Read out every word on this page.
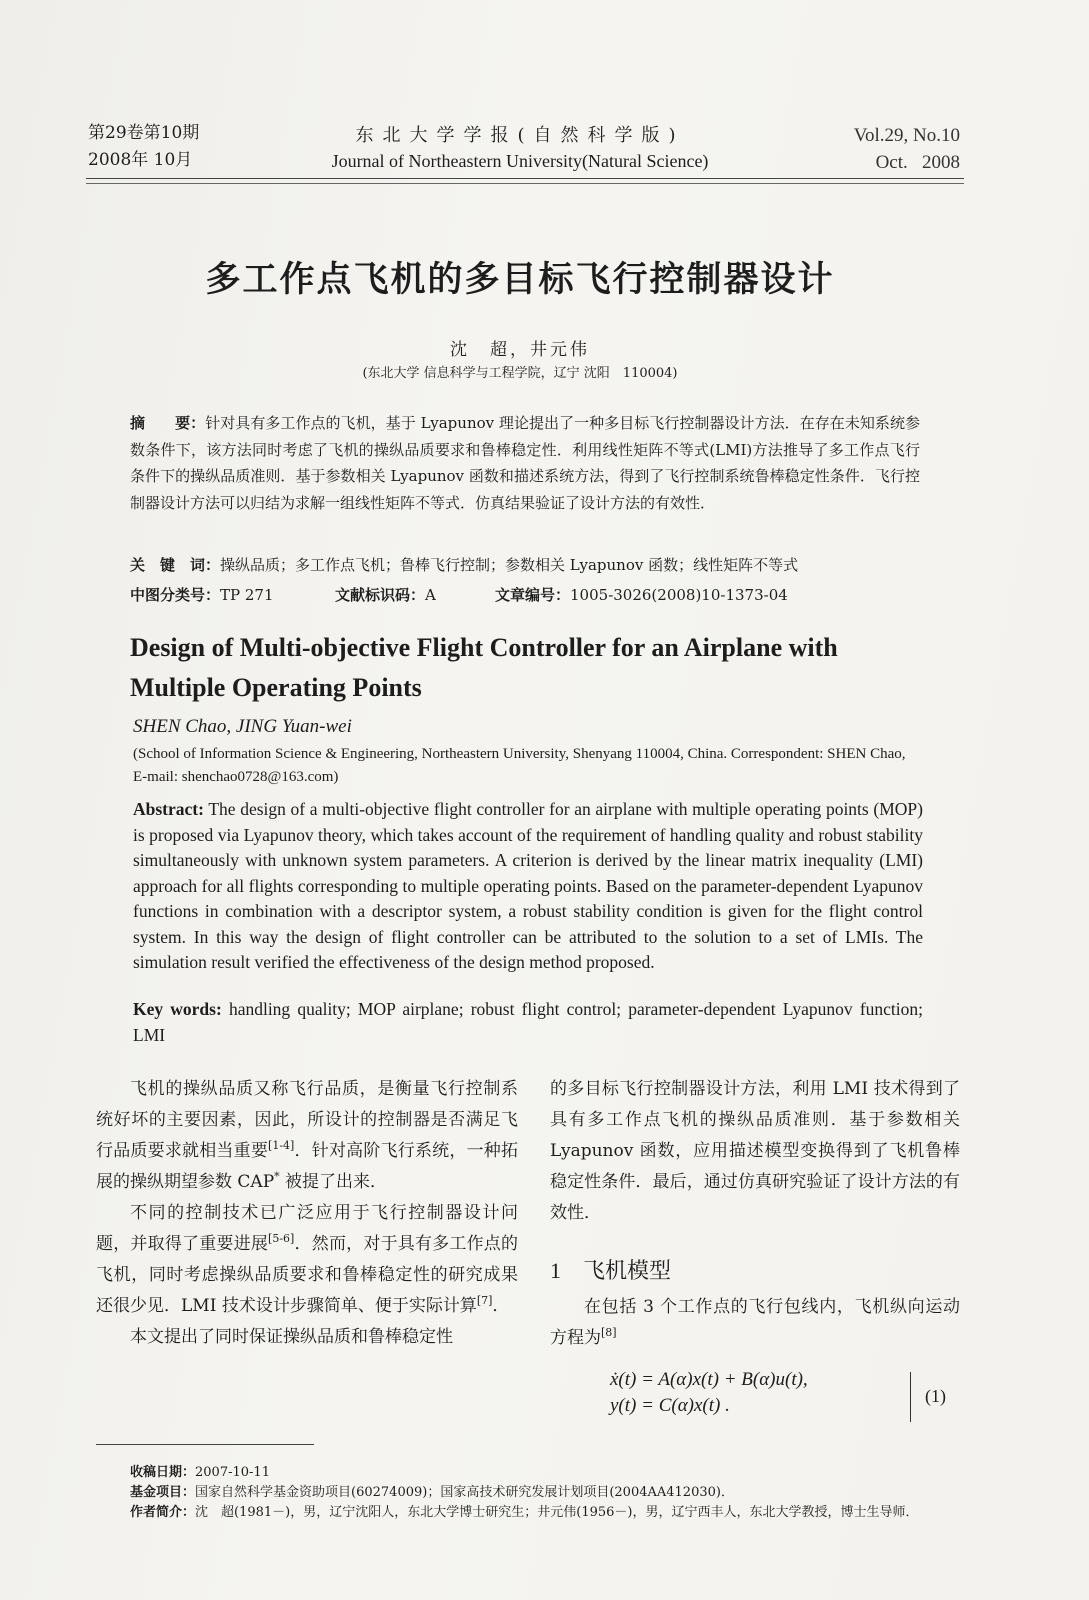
第29卷第10期
2008年 10月
东北大学学报(自然科学版)
Journal of Northeastern University(Natural Science)
Vol.29, No.10
Oct.   2008
多工作点飞机的多目标飞行控制器设计
沈　超，井元伟
(东北大学 信息科学与工程学院，辽宁 沈阳　110004)
摘　　要：针对具有多工作点的飞机，基于 Lyapunov 理论提出了一种多目标飞行控制器设计方法．在存在未知系统参数条件下，该方法同时考虑了飞机的操纵品质要求和鲁棒稳定性．利用线性矩阵不等式(LMI)方法推导了多工作点飞行条件下的操纵品质准则．基于参数相关 Lyapunov 函数和描述系统方法，得到了飞行控制系统鲁棒稳定性条件．飞行控制器设计方法可以归结为求解一组线性矩阵不等式．仿真结果验证了设计方法的有效性．
关　键　词：操纵品质；多工作点飞机；鲁棒飞行控制；参数相关 Lyapunov 函数；线性矩阵不等式
中图分类号：TP 271	文献标识码：A	文章编号：1005-3026(2008)10-1373-04
Design of Multi-objective Flight Controller for an Airplane with Multiple Operating Points
SHEN Chao, JING Yuan-wei
(School of Information Science & Engineering, Northeastern University, Shenyang 110004, China. Correspondent: SHEN Chao, E-mail: shenchao0728@163.com)
Abstract: The design of a multi-objective flight controller for an airplane with multiple operating points (MOP) is proposed via Lyapunov theory, which takes account of the requirement of handling quality and robust stability simultaneously with unknown system parameters. A criterion is derived by the linear matrix inequality (LMI) approach for all flights corresponding to multiple operating points. Based on the parameter-dependent Lyapunov functions in combination with a descriptor system, a robust stability condition is given for the flight control system. In this way the design of flight controller can be attributed to the solution to a set of LMIs. The simulation result verified the effectiveness of the design method proposed.
Key words: handling quality; MOP airplane; robust flight control; parameter-dependent Lyapunov function; LMI

飞机的操纵品质又称飞行品质，是衡量飞行控制系统好坏的主要因素，因此，所设计的控制器是否满足飞行品质要求就相当重要[1-4]．针对高阶飞行系统，一种拓展的操纵期望参数 CAP* 被提了出来．

不同的控制技术已广泛应用于飞行控制器设计问题，并取得了重要进展[5-6]．然而，对于具有多工作点的飞机，同时考虑操纵品质要求和鲁棒稳定性的研究成果还很少见．LMI 技术设计步骤简单、便于实际计算[7]．

本文提出了同时保证操纵品质和鲁棒稳定性

的多目标飞行控制器设计方法，利用 LMI 技术得到了具有多工作点飞机的操纵品质准则．基于参数相关 Lyapunov 函数，应用描述模型变换得到了飞机鲁棒稳定性条件．最后，通过仿真研究验证了设计方法的有效性．
1 飞机模型

在包括 3 个工作点的飞行包线内，飞机纵向运动方程为[8]

ẋ(t) = A(α)x(t) + B(α)u(t),
y(t) = C(α)x(t) .	(1)
收稿日期：2007-10-11
基金项目：国家自然科学基金资助项目(60274009)；国家高技术研究发展计划项目(2004AA412030)．
作者简介：沈　超(1981－)，男，辽宁沈阳人，东北大学博士研究生；井元伟(1956－)，男，辽宁西丰人，东北大学教授，博士生导师．
